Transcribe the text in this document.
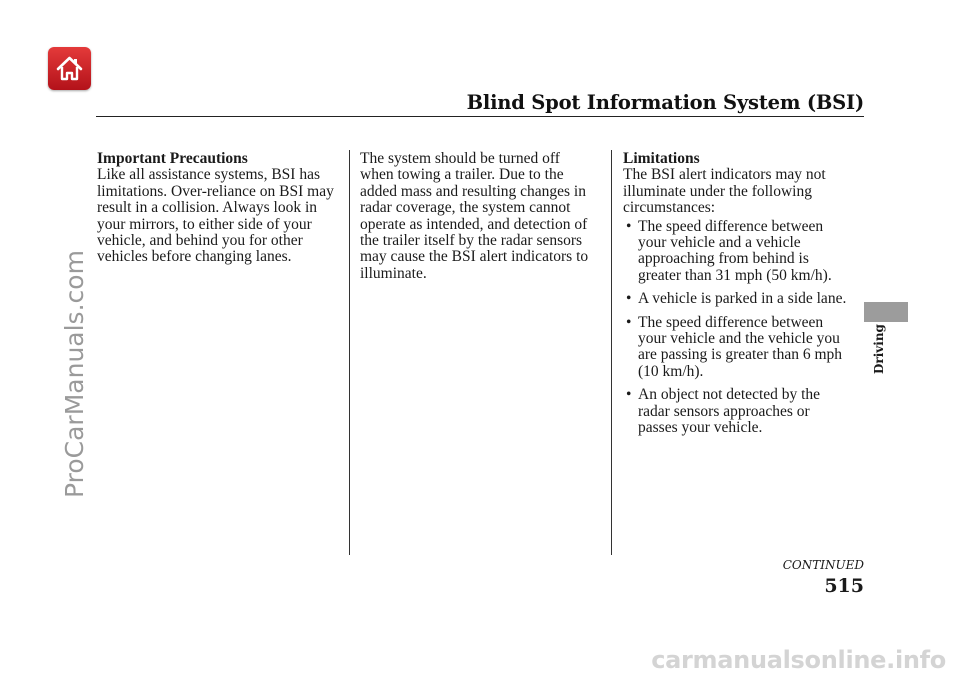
Blind Spot Information System (BSI)

Important Precautions

Like all assistance systems, BSI has

limitations. Over-reliance on BSI may

result in a collision. Always look in

your mirrors, to either side of your

vehicle, and behind you for other

vehicles before changing lanes.

The system should be turned off

when towing a trailer. Due to the

added mass and resulting changes in

radar coverage, the system cannot

operate as intended, and detection of

the trailer itself by the radar sensors

may cause the BSI alert indicators to

illuminate.

Limitations

The BSI alert indicators may not

illuminate under the following

circumstances:

• The speed difference between

your vehicle and a vehicle

approaching from behind is

greater than 31 mph (50 km/h).

• A vehicle is parked in a side lane.

• The speed difference between

your vehicle and the vehicle you

are passing is greater than 6 mph

(10 km/h).

• An object not detected by the

radar sensors approaches or

passes your vehicle.

Driving
CONTINUED
515
ProCarManuals.com
carmanualsonline.info
